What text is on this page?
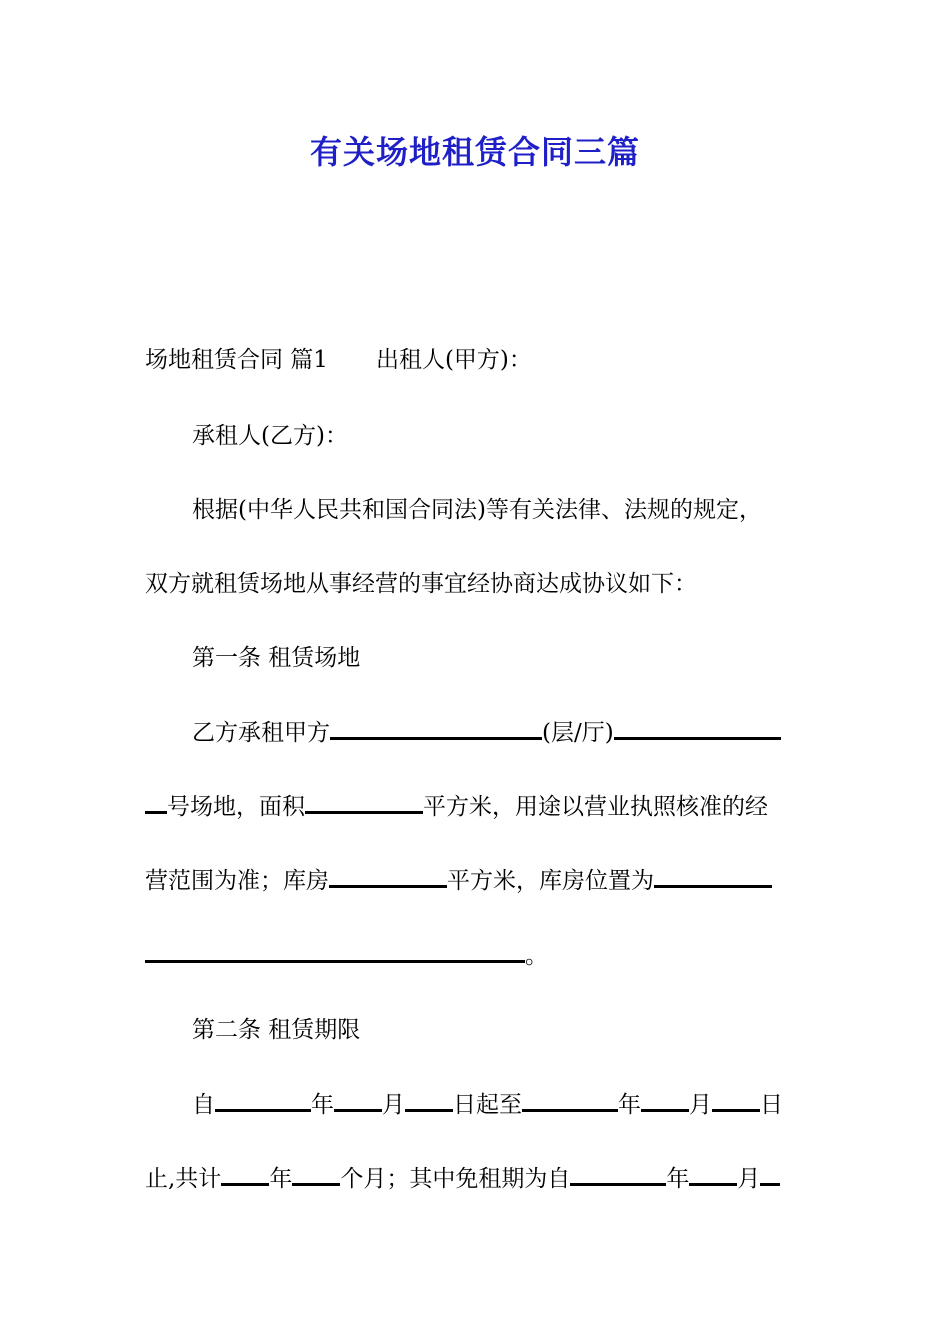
有关场地租赁合同三篇
场地租赁合同 篇1 出租人(甲方)：
承租人(乙方)：
根据(中华人民共和国合同法)等有关法律、法规的规定，
双方就租赁场地从事经营的事宜经协商达成协议如下：
第一条 租赁场地
乙方承租甲方	(层/厅)
号场地，面积	平方米，用途以营业执照核准的经
营范围为准；库房	平方米，库房位置为
。
第二条 租赁期限
自	年 月 日起至	年 月 日
止,共计 年 个月；其中免租期为自	年 月
